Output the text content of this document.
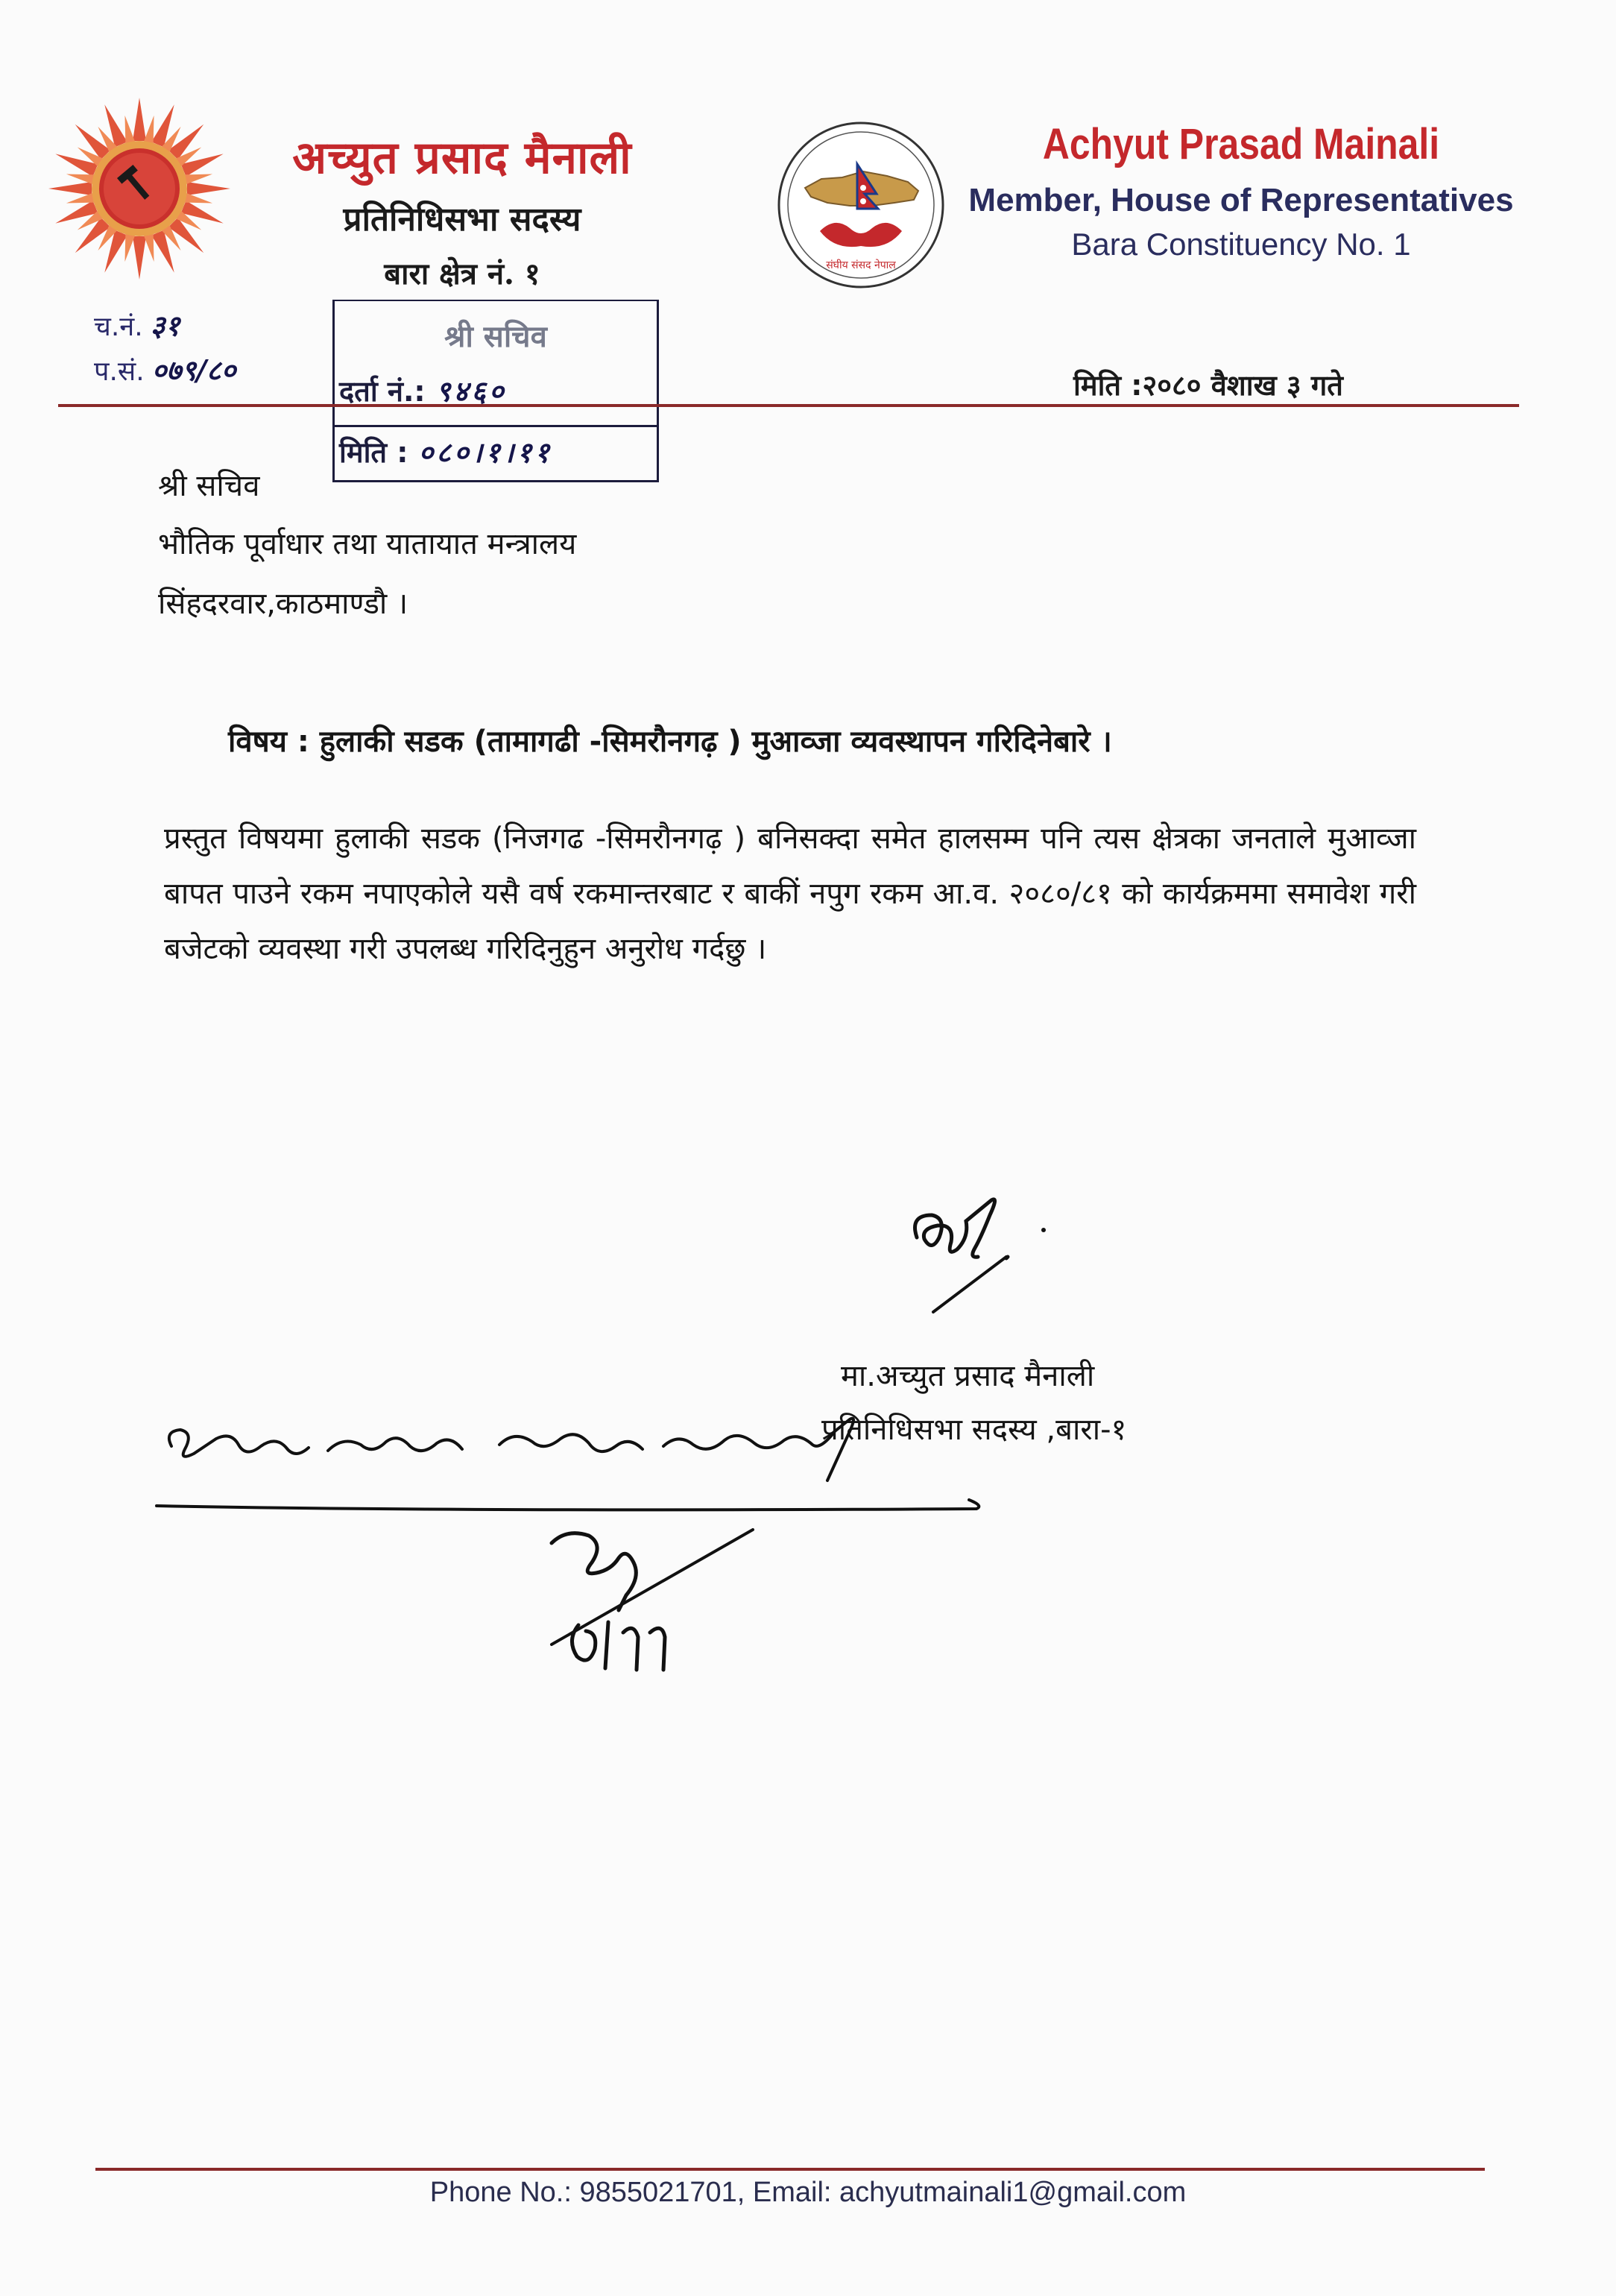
अच्युत प्रसाद मैनाली
प्रतिनिधिसभा सदस्य
बारा क्षेत्र नं. १	संघीय संसद नेपाल
Achyut Prasad Mainali
Member, House of Representatives
Bara Constituency No. 1
च.नं. ३१
प.सं. ०७९/८०
श्री सचिव
दर्ता नं.: ९४६०
मिति : ०८०।१।११
मिति :२०८० वैशाख ३ गते
श्री सचिव
भौतिक पूर्वाधार तथा यातायात मन्त्रालय
सिंहदरवार,काठमाण्डौ ।
विषय : हुलाकी सडक (तामागढी -सिमरौनगढ़ ) मुआव्जा व्यवस्थापन गरिदिनेबारे ।
प्रस्तुत विषयमा हुलाकी सडक (निजगढ -सिमरौनगढ़ ) बनिसक्दा समेत हालसम्म पनि त्यस क्षेत्रका जनताले मुआव्जा बापत पाउने रकम नपाएकोले यसै वर्ष रकमान्तरबाट र बाकीं नपुग रकम आ.व. २०८०/८१ को कार्यक्रममा समावेश गरी बजेटको व्यवस्था गरी उपलब्ध गरिदिनुहुन अनुरोध गर्दछु ।
मा.अच्युत प्रसाद मैनाली
प्रतिनिधिसभा सदस्य ,बारा-१
Phone No.: 9855021701, Email: achyutmainali1@gmail.com
